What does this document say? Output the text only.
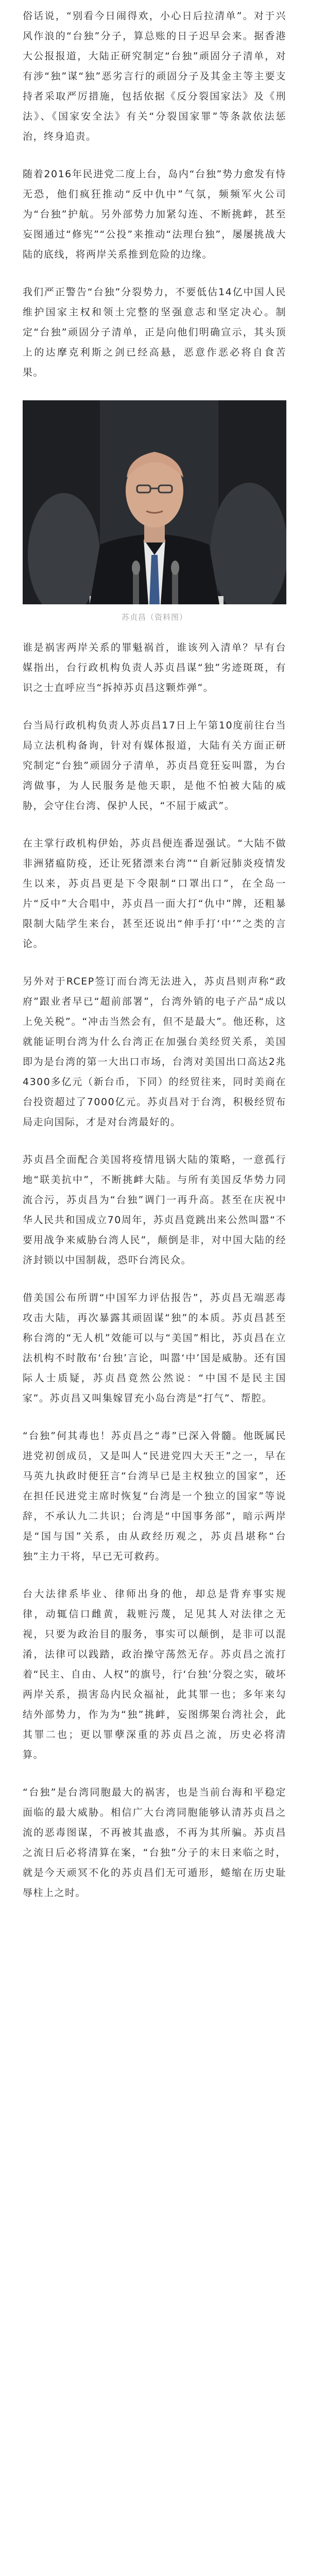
俗话说，“别看今日闹得欢，小心日后拉清单”。对于兴风作浪的“台独”分子，算总账的日子迟早会来。据香港大公报报道，大陆正研究制定“台独”顽固分子清单，对有涉“独”谋“独”恶劣言行的顽固分子及其金主等主要支持者采取严厉措施，包括依据《反分裂国家法》及《刑法》、《国家安全法》有关“分裂国家罪”等条款依法惩治，终身追责。

随着2016年民进党二度上台，岛内“台独”势力愈发有恃无恐，他们疯狂推动“反中仇中”气氛，频频军火公司为“台独”护航。另外部势力加紧勾连、不断挑衅，甚至妄图通过“修宪”“公投”来推动“法理台独”，屡屡挑战大陆的底线，将两岸关系推到危险的边缘。

我们严正警告“台独”分裂势力，不要低估14亿中国人民维护国家主权和领土完整的坚强意志和坚定决心。制定“台独”顽固分子清单，正是向他们明确宣示，其头顶上的达摩克利斯之剑已经高悬，恶意作恶必将自食苦果。

苏贞昌（资料图）

谁是祸害两岸关系的罪魁祸首，谁该列入清单？早有台媒指出，台行政机构负责人苏贞昌谋“独”劣迹斑斑，有识之士直呼应当“拆掉苏贞昌这颗炸弹”。

台当局行政机构负责人苏贞昌17日上午第10度前往台当局立法机构备询，针对有媒体报道，大陆有关方面正研究制定“台独”顽固分子清单，苏贞昌竟狂妄叫嚣，为台湾做事，为人民服务是他天职，是他不怕被大陆的威胁，会守住台湾、保护人民，“不屈于威武”。

在主掌行政机构伊始，苏贞昌便连番逞强试。“大陆不做非洲猪瘟防疫，还让死猪漂来台湾”“自新冠肺炎疫情发生以来，苏贞昌更是下令限制“口罩出口”，在全岛一片“反中”大合唱中，苏贞昌一面大打“仇中”牌，还粗暴限制大陆学生来台，甚至还说出“伸手打‘中’”之类的言论。

另外对于RCEP签订而台湾无法进入，苏贞昌则声称“政府”跟业者早已“超前部署”，台湾外销的电子产品“成以上免关税”。“冲击当然会有，但不是最大”。他还称，这就能证明台湾为什么台湾正在加强台美经贸关系，美国即为是台湾的第一大出口市场，台湾对美国出口高达2兆4300多亿元（新台币，下同）的经贸往来，同时美商在台投资超过了7000亿元。苏贞昌对于台湾，积极经贸布局走向国际，才是对台湾最好的。

苏贞昌全面配合美国将疫情甩锅大陆的策略，一意孤行地“联美抗中”，不断挑衅大陆。与所有美国反华势力同流合污，苏贞昌为“台独”调门一再升高。甚至在庆祝中华人民共和国成立70周年，苏贞昌竟跳出来公然叫嚣“不要用战争来威胁台湾人民”，颠倒是非，对中国大陆的经济封锁以中国制裁，恐吓台湾民众。

借美国公布所谓“中国军力评估报告”，苏贞昌无端恶毒攻击大陆，再次暴露其顽固谋“独”的本质。苏贞昌甚至称台湾的“无人机”效能可以与“美国”相比，苏贞昌在立法机构不时散布‘台独’言论，叫嚣‘中’国是威胁。还有国际人士质疑，苏贞昌竟然公然说：“中国不是民主国家”。苏贞昌又叫集嫁冒充小岛台湾是“打气”、帮腔。

“台独”何其毒也！苏贞昌之“毒”已深入骨髓。他既属民进党初创成员，又是叫人“民进党四大天王”之一，早在马英九执政时便狂言“台湾早已是主权独立的国家”，还在担任民进党主席时恢复“台湾是一个独立的国家”等说辞，不承认九二共识；台湾是“中国事务部”，暗示两岸是“国与国”关系，由从政经历观之，苏贞昌堪称“台独”主力干将，早已无可救药。

台大法律系毕业、律师出身的他，却总是背弃事实规律，动辄信口雌黄，栽赃污蔑，足见其人对法律之无视，只要为政治目的服务，事实可以颠倒，是非可以混淆，法律可以践踏，政治操守荡然无存。苏贞昌之流打着“民主、自由、人权”的旗号，行‘台独’分裂之实，破坏两岸关系，损害岛内民众福祉，此其罪一也；多年来勾结外部势力，作为为“独”挑衅，妄图绑架台湾社会，此其罪二也；更以罪孽深重的苏贞昌之流，历史必将清算。

“台独”是台湾同胞最大的祸害，也是当前台海和平稳定面临的最大威胁。相信广大台湾同胞能够认清苏贞昌之流的恶毒图谋，不再被其蛊惑，不再为其所骗。苏贞昌之流日后必将清算在案，“台独”分子的末日来临之时，就是今天顽冥不化的苏贞昌们无可遁形，蜷缩在历史耻辱柱上之时。
